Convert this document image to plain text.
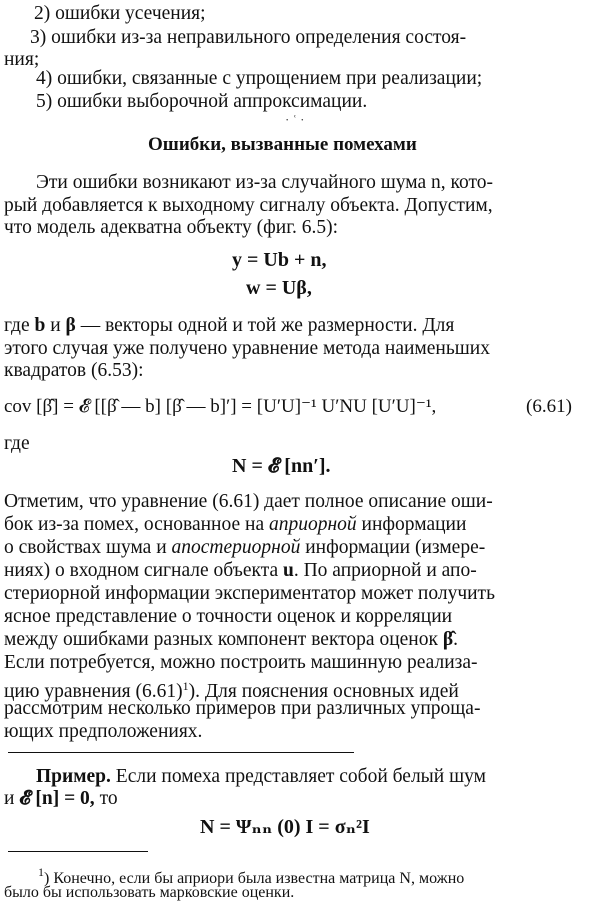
2) ошибки усечения;
3) ошибки из-за неправильного определения состоя-
ния;
4) ошибки, связанные с упрощением при реализации;
5) ошибки выборочной аппроксимации.
· ʿ ·
Ошибки, вызванные помехами
Эти ошибки возникают из-за случайного шума n, кото-
рый добавляется к выходному сигналу объекта. Допустим,
что модель адекватна объекту (фиг. 6.5):
y = Ub + n,
w = Uβ,
где b и β — векторы одной и той же размерности. Для
этого случая уже получено уравнение метода наименьших
квадратов (6.53):
cov [β̂] = 𝓔 [[β̂ — b] [β̂ — b]′] = [U′U]⁻¹ U′NU [U′U]⁻¹,	(6.61)
где
N = 𝓔 [nn′].
Отметим, что уравнение (6.61) дает полное описание оши-
бок из-за помех, основанное на априорной информации
о свойствах шума и апостериорной информации (измере-
ниях) о входном сигнале объекта u. По априорной и апо-
стериорной информации экспериментатор может получить
ясное представление о точности оценок и корреляции
между ошибками разных компонент вектора оценок β̂.
Если потребуется, можно построить машинную реализа-
цию уравнения $(6.61)^1$). Для пояснения основных идей
рассмотрим несколько примеров при различных упроща-
ющих предположениях.
Пример. Если помеха представляет собой белый шум
и 𝓔 [n] = 0, то
N = Ψₙₙ (0) I = σₙ²I
$^1$) Конечно, если бы априори была известна матрица N, можно
было бы использовать марковские оценки.
